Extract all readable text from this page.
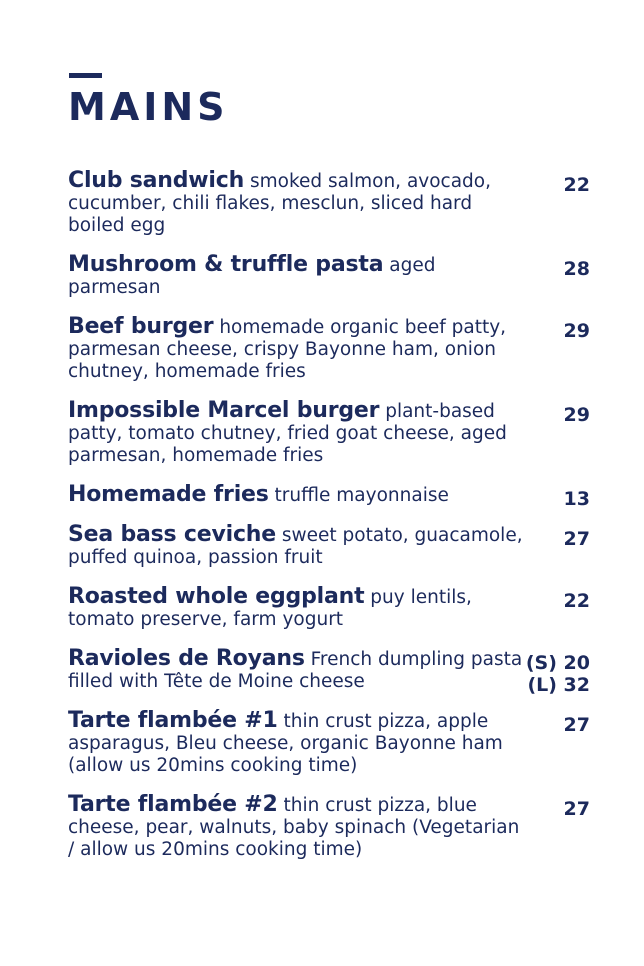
MAINS
Club sandwich smoked salmon, avocado, cucumber, chili flakes, mesclun, sliced hard boiled egg
22
Mushroom & truffle pasta aged parmesan
28
Beef burger homemade organic beef patty, parmesan cheese, crispy Bayonne ham, onion chutney, homemade fries
29
Impossible Marcel burger plant-based patty, tomato chutney, fried goat cheese, aged parmesan, homemade fries
29
Homemade fries truffle mayonnaise	13
Sea bass ceviche sweet potato, guacamole, puffed quinoa, passion fruit
27
Roasted whole eggplant puy lentils, tomato preserve, farm yogurt
22
Ravioles de Royans French dumpling pasta filled with Tête de Moine cheese
(S) 20
(L) 32
Tarte flambée #1 thin crust pizza, apple asparagus, Bleu cheese, organic Bayonne ham (allow us 20mins cooking time)
27
Tarte flambée #2 thin crust pizza, blue cheese, pear, walnuts, baby spinach (Vegetarian / allow us 20mins cooking time)
27
